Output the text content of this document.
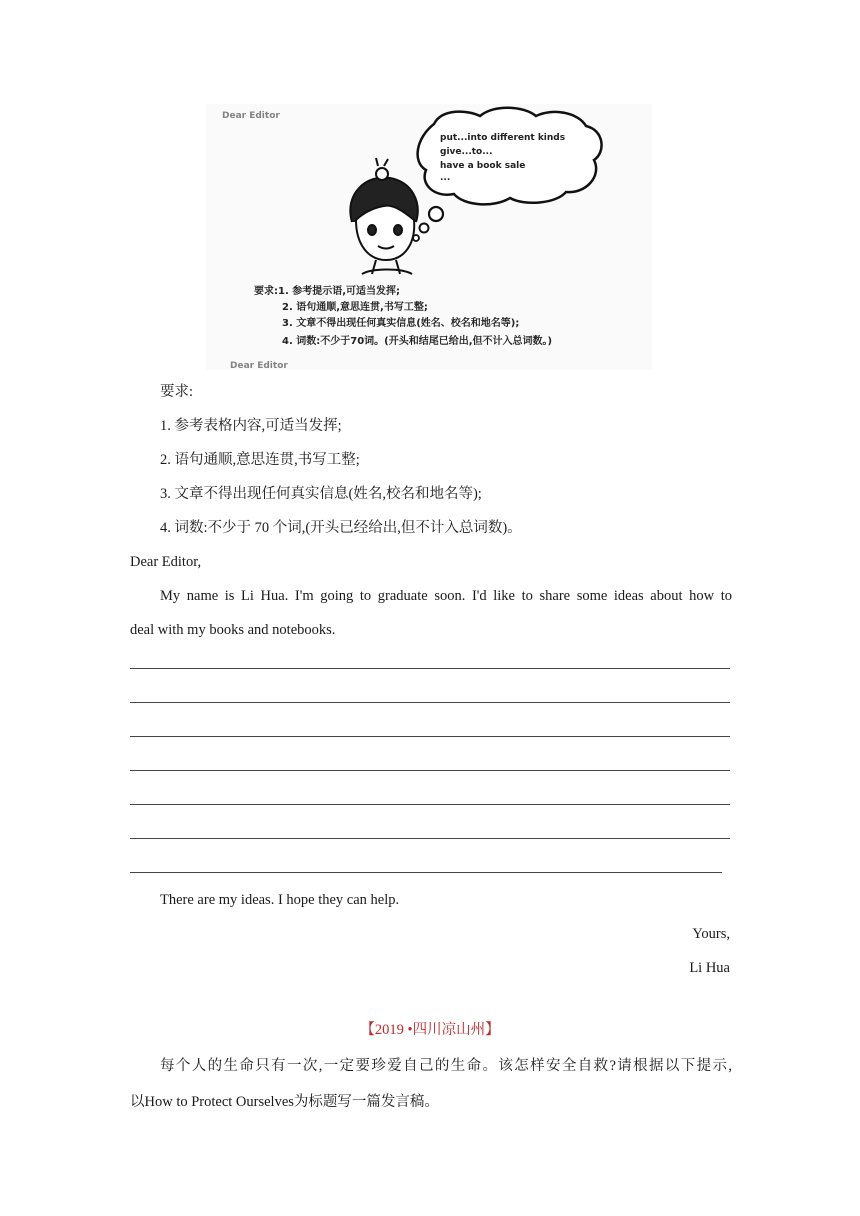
Dear Editor
put...into different kinds
give...to...
have a book sale
...
要求:1. 参考提示语,可适当发挥;
2. 语句通顺,意思连贯,书写工整;
3. 文章不得出现任何真实信息(姓名、校名和地名等);
4. 词数:不少于70词。(开头和结尾已给出,但不计入总词数。)
Dear Editor
要求:
1. 参考表格内容,可适当发挥;
2. 语句通顺,意思连贯,书写工整;
3. 文章不得出现任何真实信息(姓名,校名和地名等);
4. 词数:不少于 70 个词,(开头已经给出,但不计入总词数)。
Dear Editor,
My name is Li Hua. I'm going to graduate soon. I'd like to share some ideas about how to
deal with my books and notebooks.
There are my ideas. I hope they can help.
Yours,
Li Hua
【2019 •四川凉山州】
每个人的生命只有一次,一定要珍爱自己的生命。该怎样安全自救?请根据以下提示,
以How to Protect Ourselves为标题写一篇发言稿。
